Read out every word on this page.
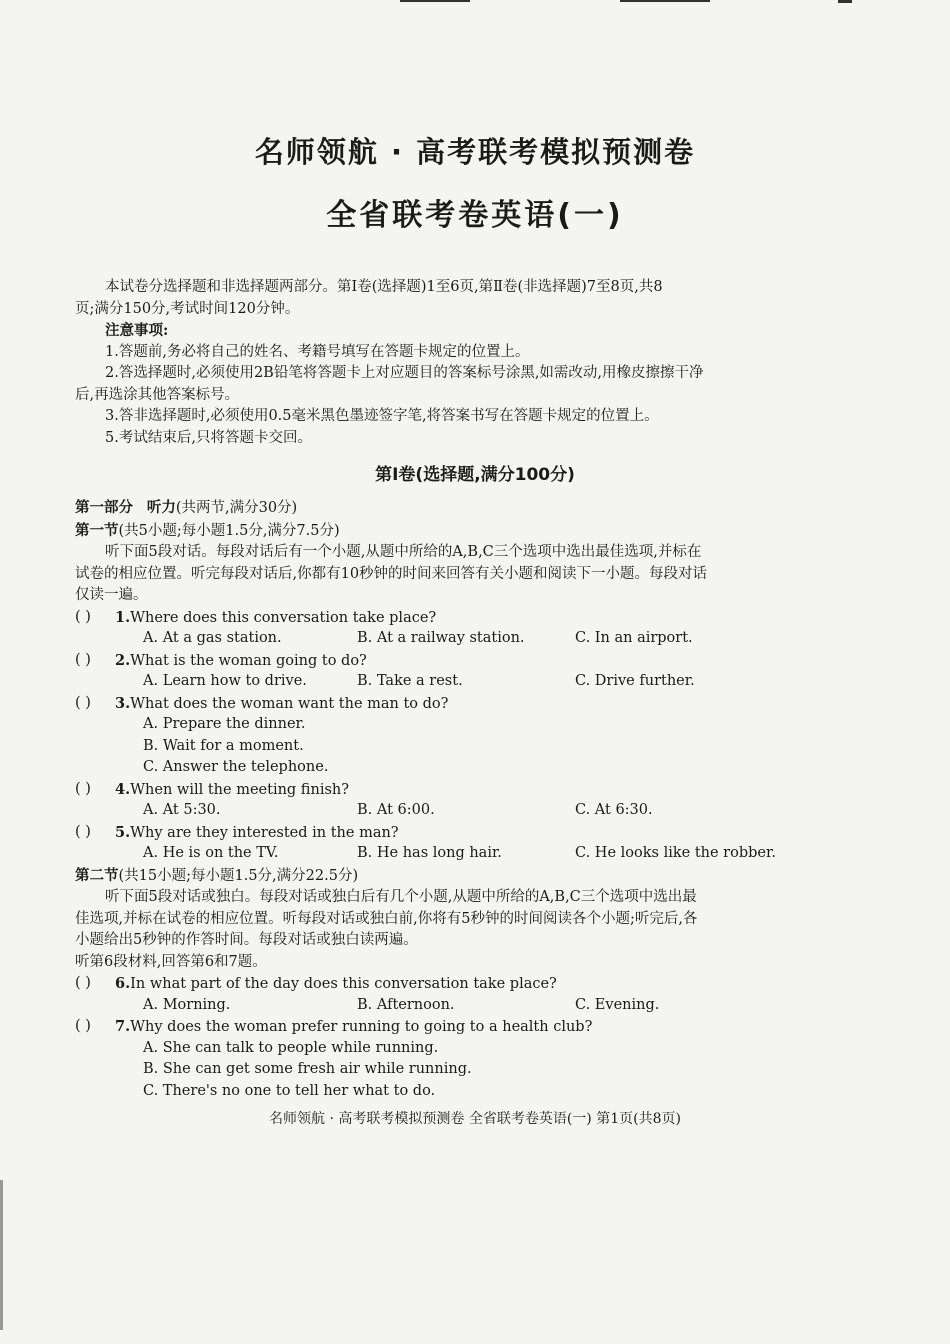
名师领航 · 高考联考模拟预测卷
全省联考卷英语(一)
本试卷分选择题和非选择题两部分。第Ⅰ卷(选择题)1至6页,第Ⅱ卷(非选择题)7至8页,共8
页;满分150分,考试时间120分钟。
注意事项:
1.答题前,务必将自己的姓名、考籍号填写在答题卡规定的位置上。
2.答选择题时,必须使用2B铅笔将答题卡上对应题目的答案标号涂黑,如需改动,用橡皮擦擦干净
后,再选涂其他答案标号。
3.答非选择题时,必须使用0.5毫米黑色墨迹签字笔,将答案书写在答题卡规定的位置上。
5.考试结束后,只将答题卡交回。
第Ⅰ卷(选择题,满分100分)
第一部分 听力(共两节,满分30分)
第一节(共5小题;每小题1.5分,满分7.5分)
听下面5段对话。每段对话后有一个小题,从题中所给的A,B,C三个选项中选出最佳选项,并标在
试卷的相应位置。听完每段对话后,你都有10秒钟的时间来回答有关小题和阅读下一小题。每段对话
仅读一遍。
( ) 1.Where does this conversation take place?
A. At a gas station.	B. At a railway station.	C. In an airport.
( ) 2.What is the woman going to do?
A. Learn how to drive.	B. Take a rest.	C. Drive further.
( ) 3.What does the woman want the man to do?
A. Prepare the dinner.
B. Wait for a moment.
C. Answer the telephone.
( ) 4.When will the meeting finish?
A. At 5:30.	B. At 6:00.	C. At 6:30.
( ) 5.Why are they interested in the man?
A. He is on the TV.	B. He has long hair.	C. He looks like the robber.
第二节(共15小题;每小题1.5分,满分22.5分)
听下面5段对话或独白。每段对话或独白后有几个小题,从题中所给的A,B,C三个选项中选出最
佳选项,并标在试卷的相应位置。听每段对话或独白前,你将有5秒钟的时间阅读各个小题;听完后,各
小题给出5秒钟的作答时间。每段对话或独白读两遍。
听第6段材料,回答第6和7题。
( ) 6.In what part of the day does this conversation take place?
A. Morning.	B. Afternoon.	C. Evening.
( ) 7.Why does the woman prefer running to going to a health club?
A. She can talk to people while running.
B. She can get some fresh air while running.
C. There's no one to tell her what to do.
名师领航 · 高考联考模拟预测卷 全省联考卷英语(一) 第1页(共8页)
